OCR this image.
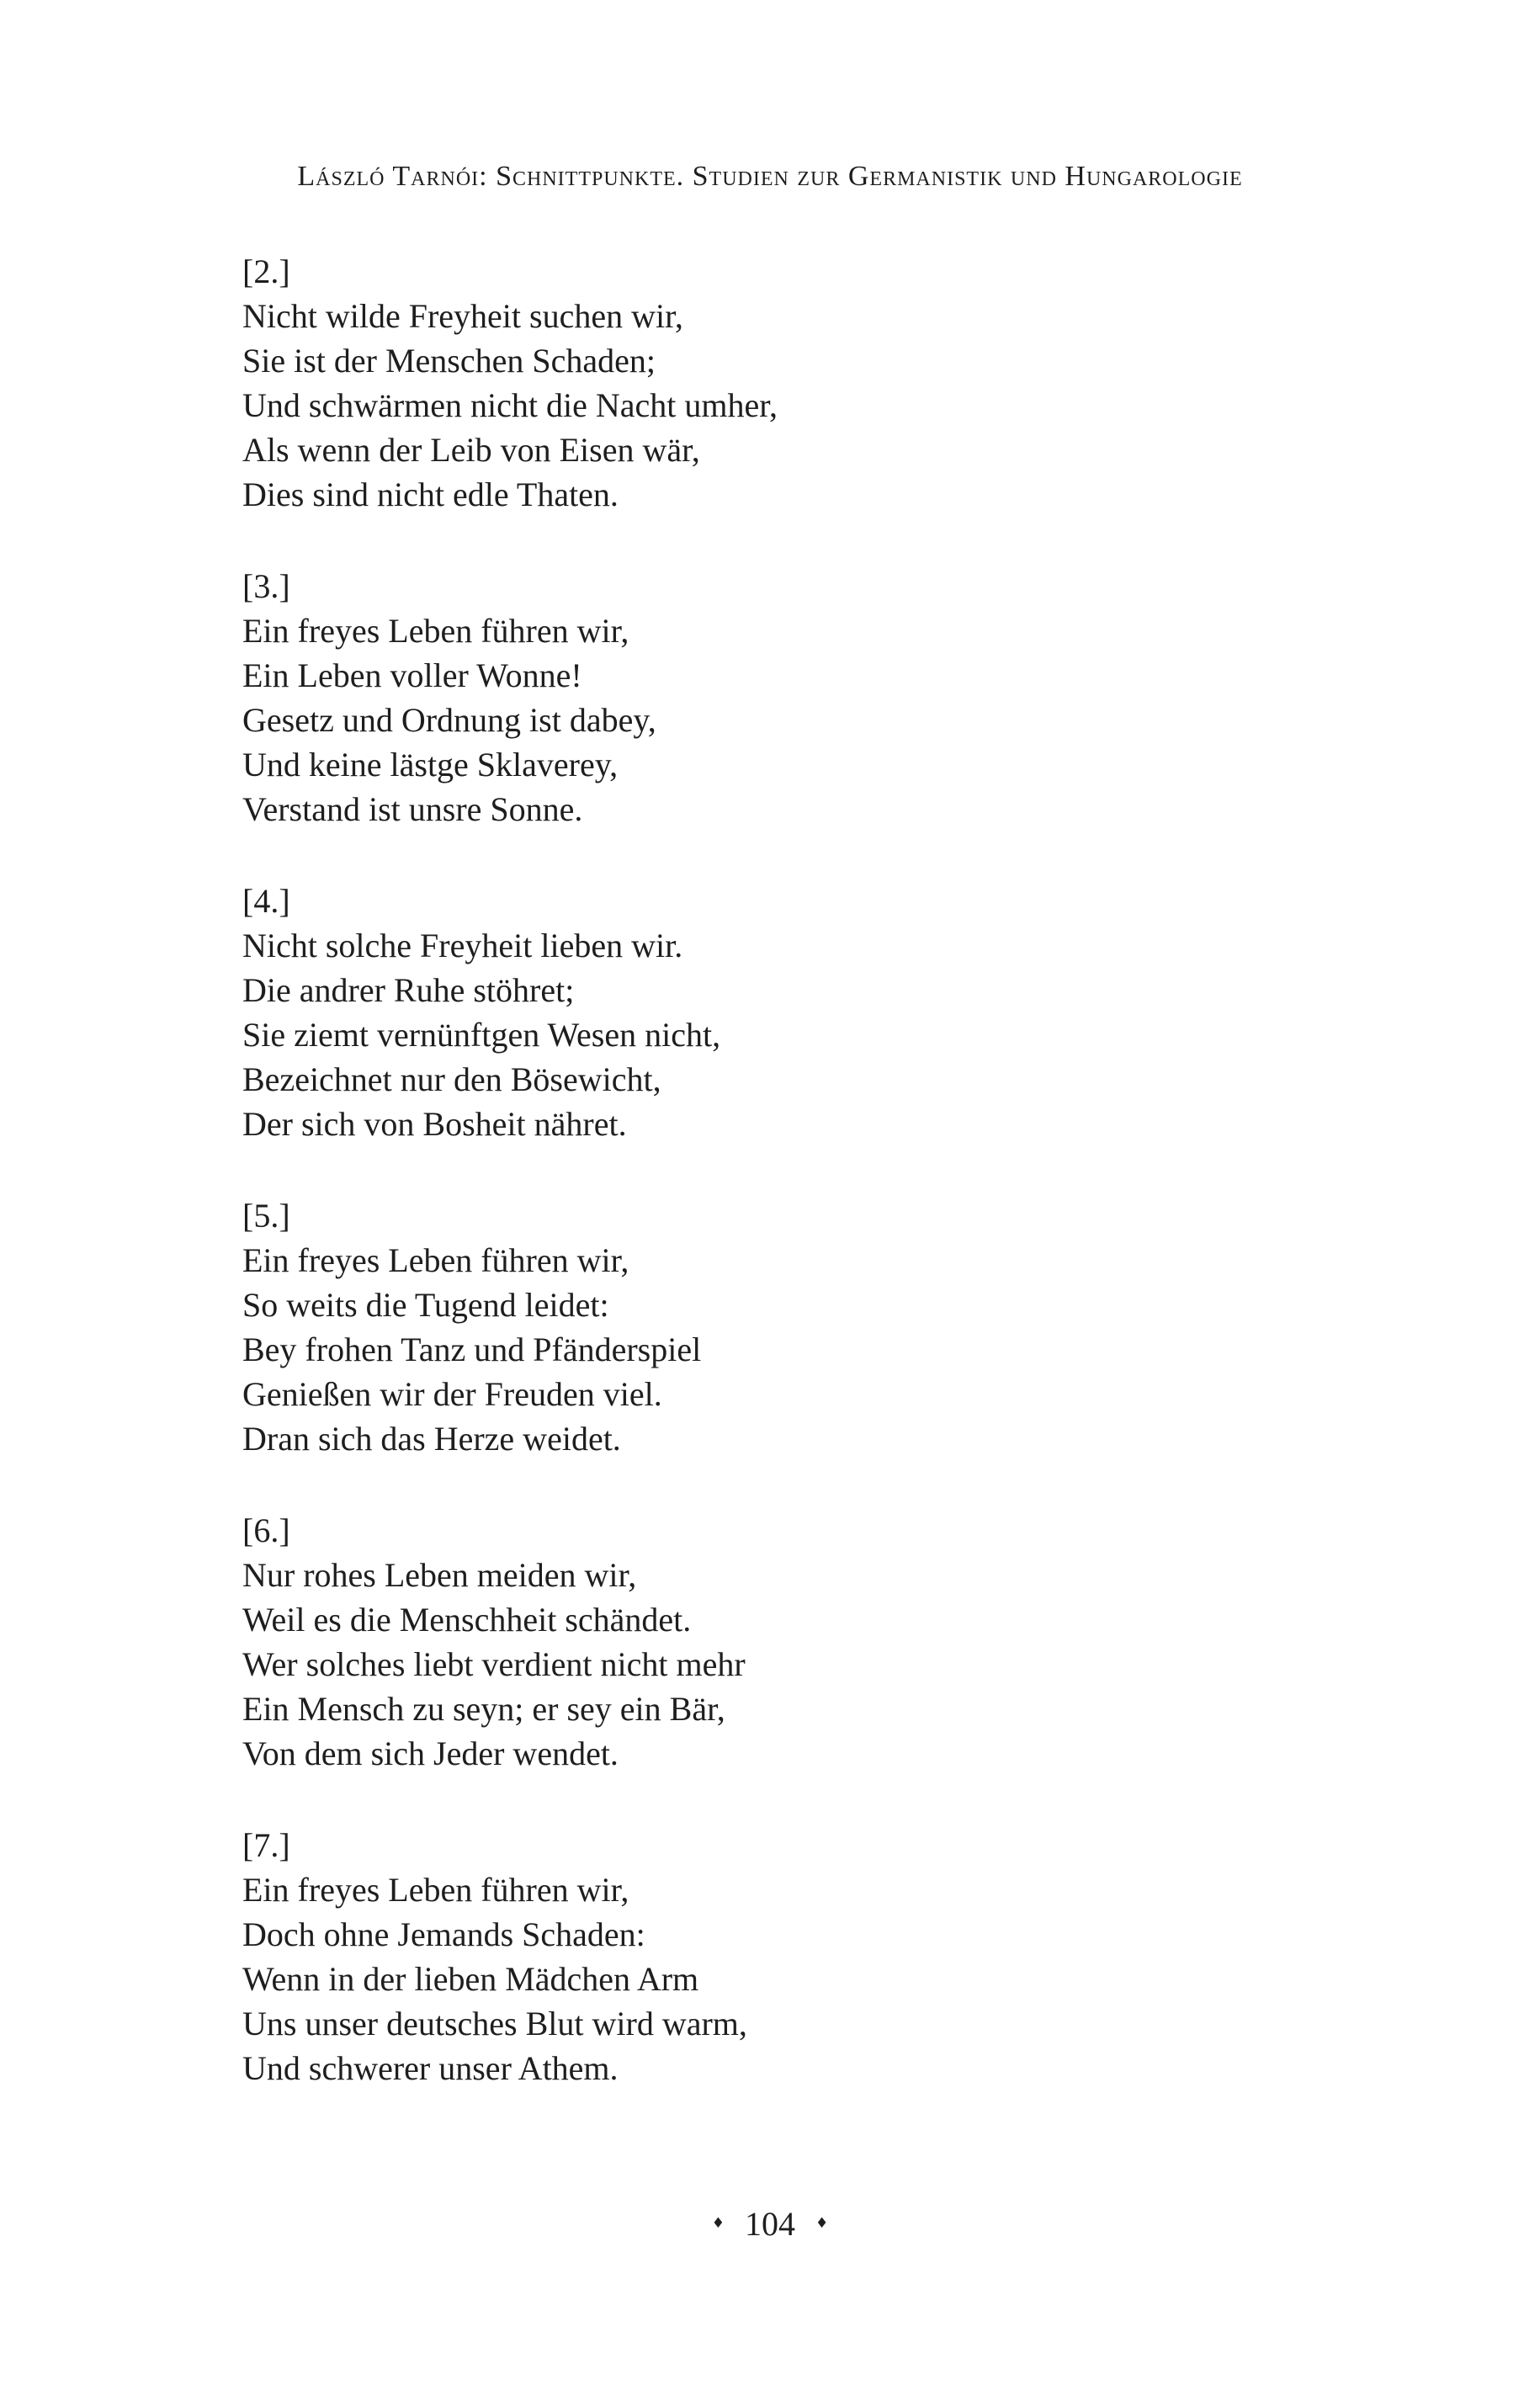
László Tarnói: Schnittpunkte. Studien zur Germanistik und Hungarologie
[2.]
Nicht wilde Freyheit suchen wir,
Sie ist der Menschen Schaden;
Und schwärmen nicht die Nacht umher,
Als wenn der Leib von Eisen wär,
Dies sind nicht edle Thaten.
[3.]
Ein freyes Leben führen wir,
Ein Leben voller Wonne!
Gesetz und Ordnung ist dabey,
Und keine lästge Sklaverey,
Verstand ist unsre Sonne.
[4.]
Nicht solche Freyheit lieben wir.
Die andrer Ruhe stöhret;
Sie ziemt vernünftgen Wesen nicht,
Bezeichnet nur den Bösewicht,
Der sich von Bosheit nähret.
[5.]
Ein freyes Leben führen wir,
So weits die Tugend leidet:
Bey frohen Tanz und Pfänderspiel
Genießen wir der Freuden viel.
Dran sich das Herze weidet.
[6.]
Nur rohes Leben meiden wir,
Weil es die Menschheit schändet.
Wer solches liebt verdient nicht mehr
Ein Mensch zu seyn; er sey ein Bär,
Von dem sich Jeder wendet.
[7.]
Ein freyes Leben führen wir,
Doch ohne Jemands Schaden:
Wenn in der lieben Mädchen Arm
Uns unser deutsches Blut wird warm,
Und schwerer unser Athem.
♦ 104 ♦
